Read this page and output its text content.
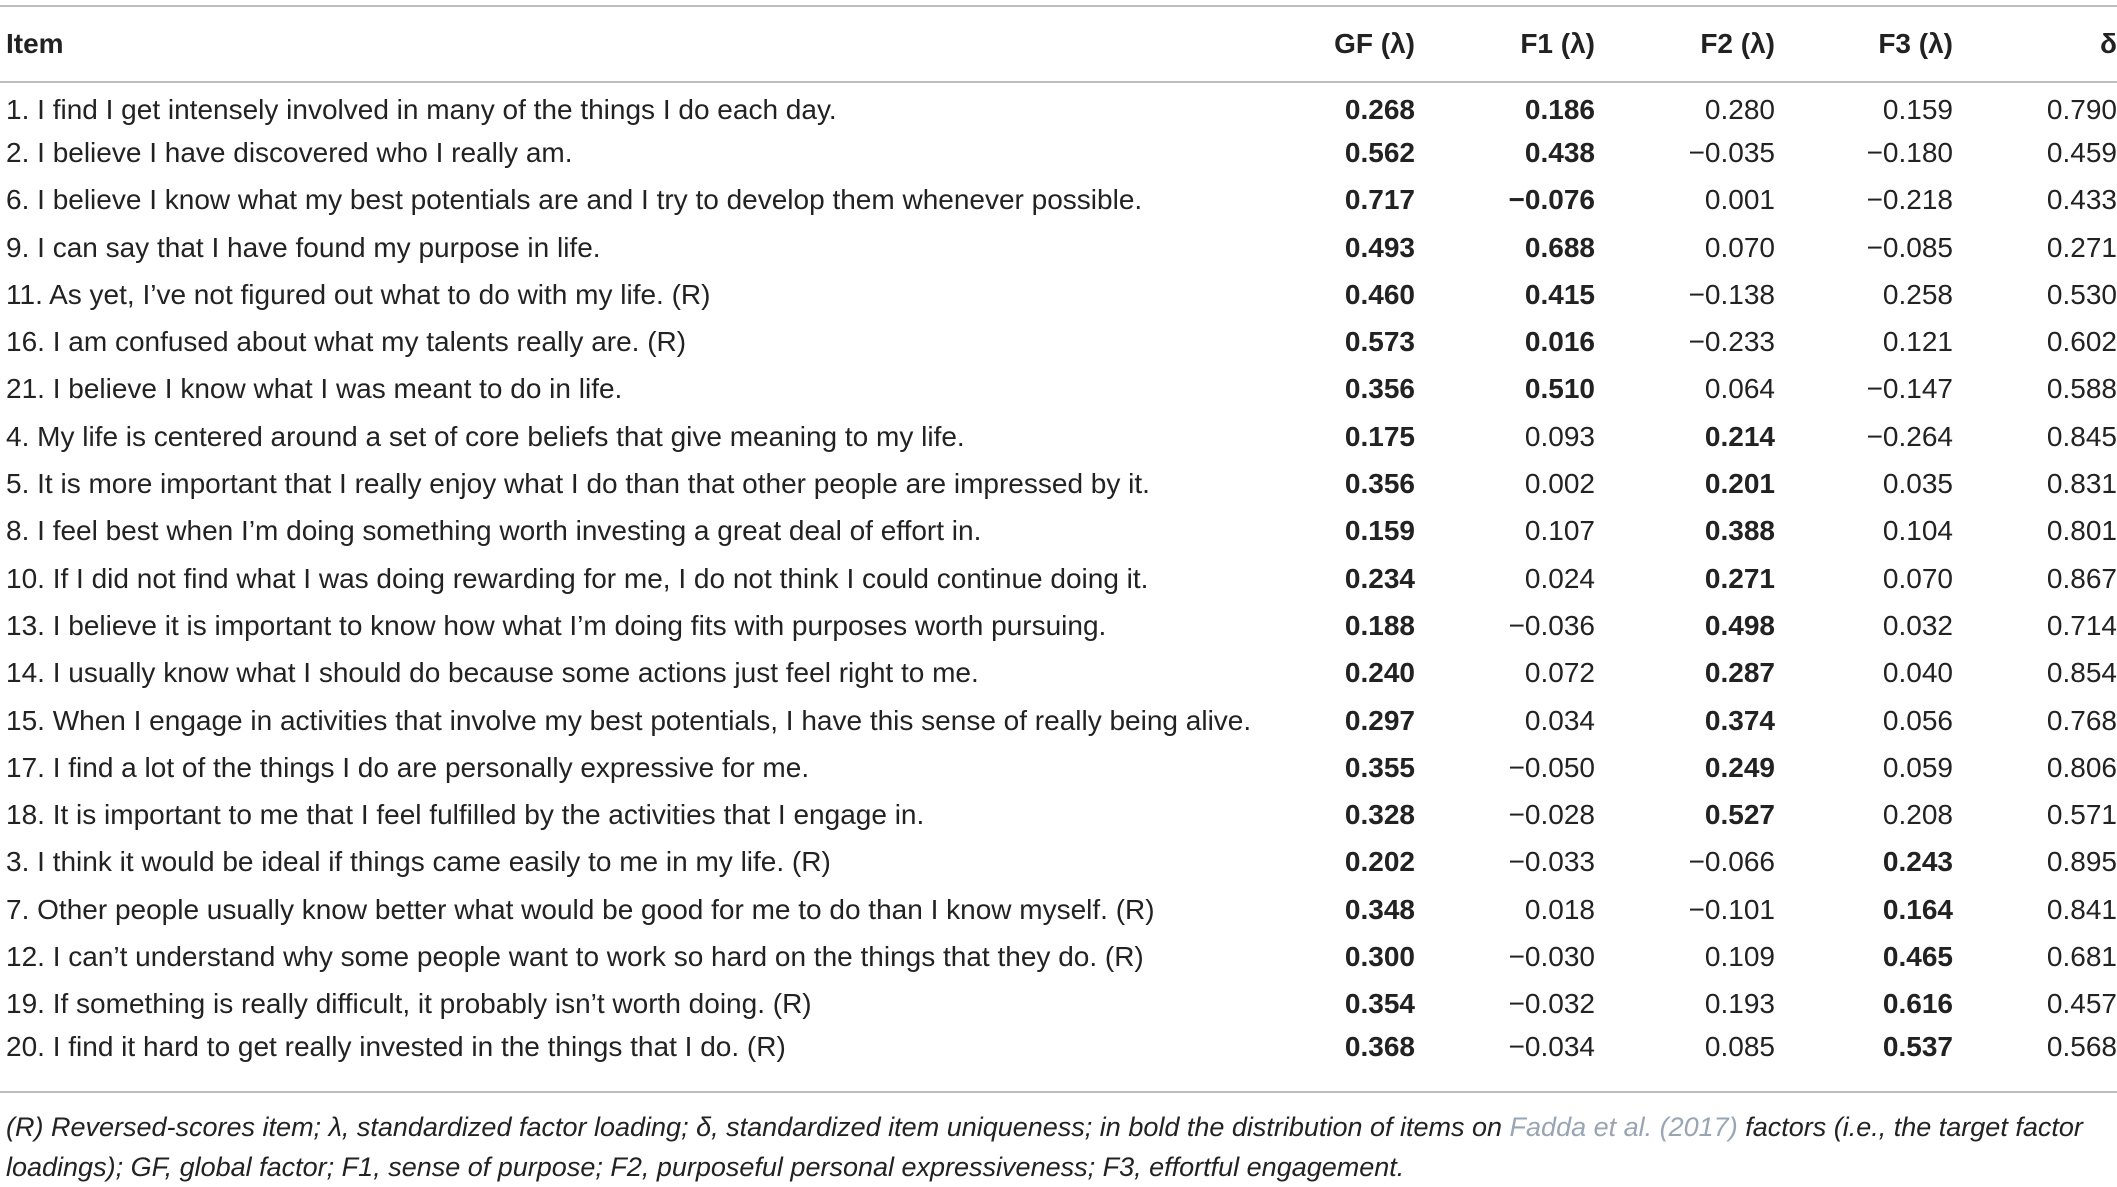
Item	GF (λ)	F1 (λ)	F2 (λ)	F3 (λ)	δ
1. I find I get intensely involved in many of the things I do each day.	0.268	0.186	0.280	0.159	0.790
2. I believe I have discovered who I really am.	0.562	0.438	−0.035	−0.180	0.459
6. I believe I know what my best potentials are and I try to develop them whenever possible.	0.717	−0.076	0.001	−0.218	0.433
9. I can say that I have found my purpose in life.	0.493	0.688	0.070	−0.085	0.271
11. As yet, I’ve not figured out what to do with my life. (R)	0.460	0.415	−0.138	0.258	0.530
16. I am confused about what my talents really are. (R)	0.573	0.016	−0.233	0.121	0.602
21. I believe I know what I was meant to do in life.	0.356	0.510	0.064	−0.147	0.588
4. My life is centered around a set of core beliefs that give meaning to my life.	0.175	0.093	0.214	−0.264	0.845
5. It is more important that I really enjoy what I do than that other people are impressed by it.	0.356	0.002	0.201	0.035	0.831
8. I feel best when I’m doing something worth investing a great deal of effort in.	0.159	0.107	0.388	0.104	0.801
10. If I did not find what I was doing rewarding for me, I do not think I could continue doing it.	0.234	0.024	0.271	0.070	0.867
13. I believe it is important to know how what I’m doing fits with purposes worth pursuing.	0.188	−0.036	0.498	0.032	0.714
14. I usually know what I should do because some actions just feel right to me.	0.240	0.072	0.287	0.040	0.854
15. When I engage in activities that involve my best potentials, I have this sense of really being alive.	0.297	0.034	0.374	0.056	0.768
17. I find a lot of the things I do are personally expressive for me.	0.355	−0.050	0.249	0.059	0.806
18. It is important to me that I feel fulfilled by the activities that I engage in.	0.328	−0.028	0.527	0.208	0.571
3. I think it would be ideal if things came easily to me in my life. (R)	0.202	−0.033	−0.066	0.243	0.895
7. Other people usually know better what would be good for me to do than I know myself. (R)	0.348	0.018	−0.101	0.164	0.841
12. I can’t understand why some people want to work so hard on the things that they do. (R)	0.300	−0.030	0.109	0.465	0.681
19. If something is really difficult, it probably isn’t worth doing. (R)	0.354	−0.032	0.193	0.616	0.457
20. I find it hard to get really invested in the things that I do. (R)	0.368	−0.034	0.085	0.537	0.568

(R) Reversed-scores item; λ, standardized factor loading; δ, standardized item uniqueness; in bold the distribution of items on Fadda et al. (2017) factors (i.e., the target factor loadings); GF, global factor; F1, sense of purpose; F2, purposeful personal expressiveness; F3, effortful engagement.
